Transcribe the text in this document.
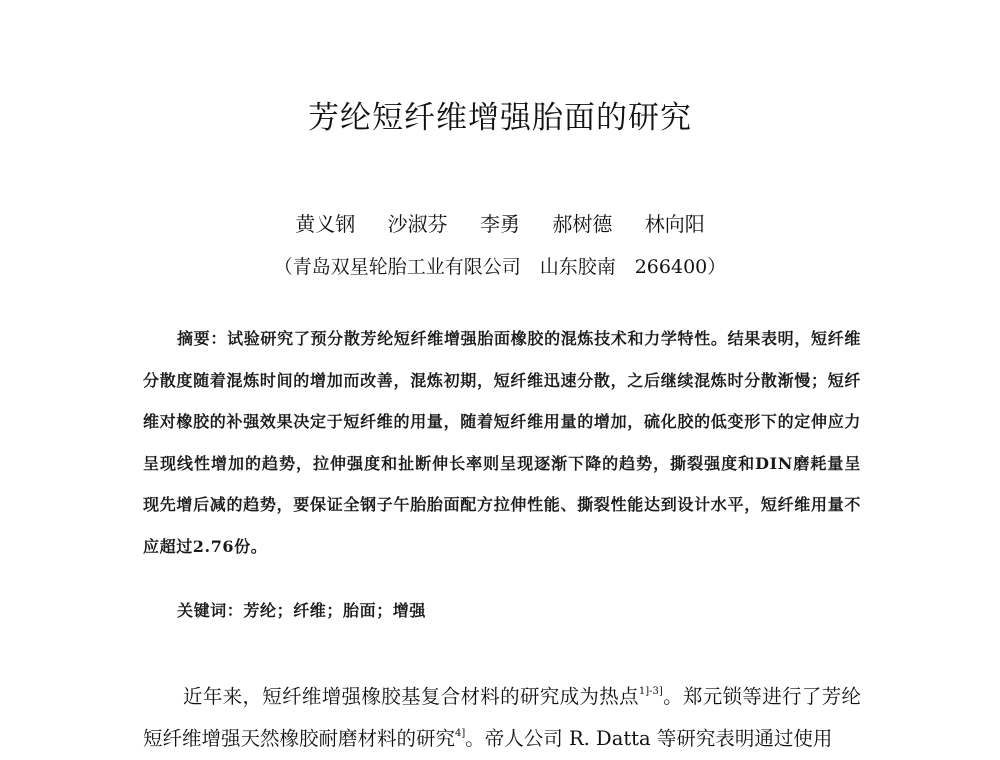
芳纶短纤维增强胎面的研究
黄义钢 沙淑芬 李勇 郝树德 林向阳
（青岛双星轮胎工业有限公司　山东胶南　266400）
摘要：试验研究了预分散芳纶短纤维增强胎面橡胶的混炼技术和力学特性。结果表明，短纤维分散度随着混炼时间的增加而改善，混炼初期，短纤维迅速分散，之后继续混炼时分散渐慢；短纤维对橡胶的补强效果决定于短纤维的用量，随着短纤维用量的增加，硫化胶的低变形下的定伸应力呈现线性增加的趋势，拉伸强度和扯断伸长率则呈现逐渐下降的趋势，撕裂强度和DIN磨耗量呈现先增后减的趋势，要保证全钢子午胎胎面配方拉伸性能、撕裂性能达到设计水平，短纤维用量不应超过2.76份。
关键词：芳纶；纤维；胎面；增强
近年来，短纤维增强橡胶基复合材料的研究成为热点$^{1]-3]}$。郑元锁等进行了芳纶短纤维增强天然橡胶耐磨材料的研究$^{4]}$。帝人公司 R. Datta 等研究表明通过使用
